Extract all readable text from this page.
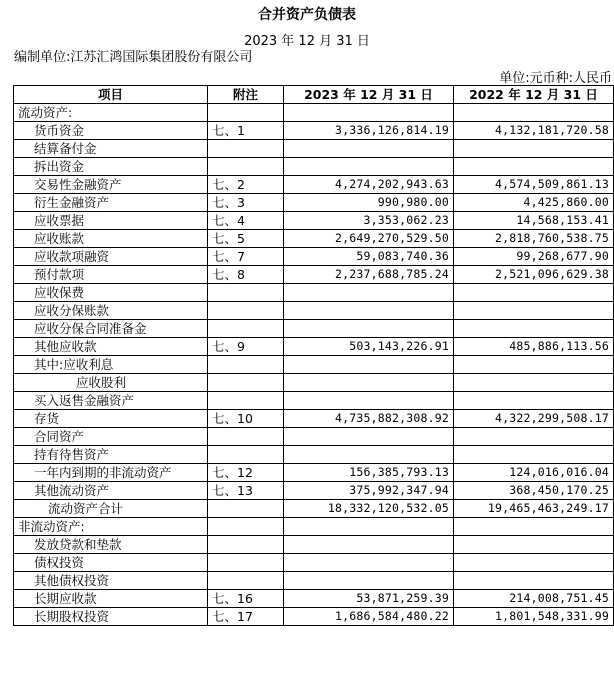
合并资产负债表
2023 年 12 月 31 日
编制单位:江苏汇鸿国际集团股份有限公司
单位:元币种:人民币
项目	附注	2023 年 12 月 31 日	2022 年 12 月 31 日
流动资产:			
货币资金	七、1	3,336,126,814.19	4,132,181,720.58
结算备付金			
拆出资金			
交易性金融资产	七、2	4,274,202,943.63	4,574,509,861.13
衍生金融资产	七、3	990,980.00	4,425,860.00
应收票据	七、4	3,353,062.23	14,568,153.41
应收账款	七、5	2,649,270,529.50	2,818,760,538.75
应收款项融资	七、7	59,083,740.36	99,268,677.90
预付款项	七、8	2,237,688,785.24	2,521,096,629.38
应收保费			
应收分保账款			
应收分保合同准备金			
其他应收款	七、9	503,143,226.91	485,886,113.56
其中:应收利息			
应收股利			
买入返售金融资产			
存货	七、10	4,735,882,308.92	4,322,299,508.17
合同资产			
持有待售资产			
一年内到期的非流动资产	七、12	156,385,793.13	124,016,016.04
其他流动资产	七、13	375,992,347.94	368,450,170.25
流动资产合计		18,332,120,532.05	19,465,463,249.17
非流动资产:			
发放贷款和垫款			
债权投资			
其他债权投资			
长期应收款	七、16	53,871,259.39	214,008,751.45
长期股权投资	七、17	1,686,584,480.22	1,801,548,331.99
